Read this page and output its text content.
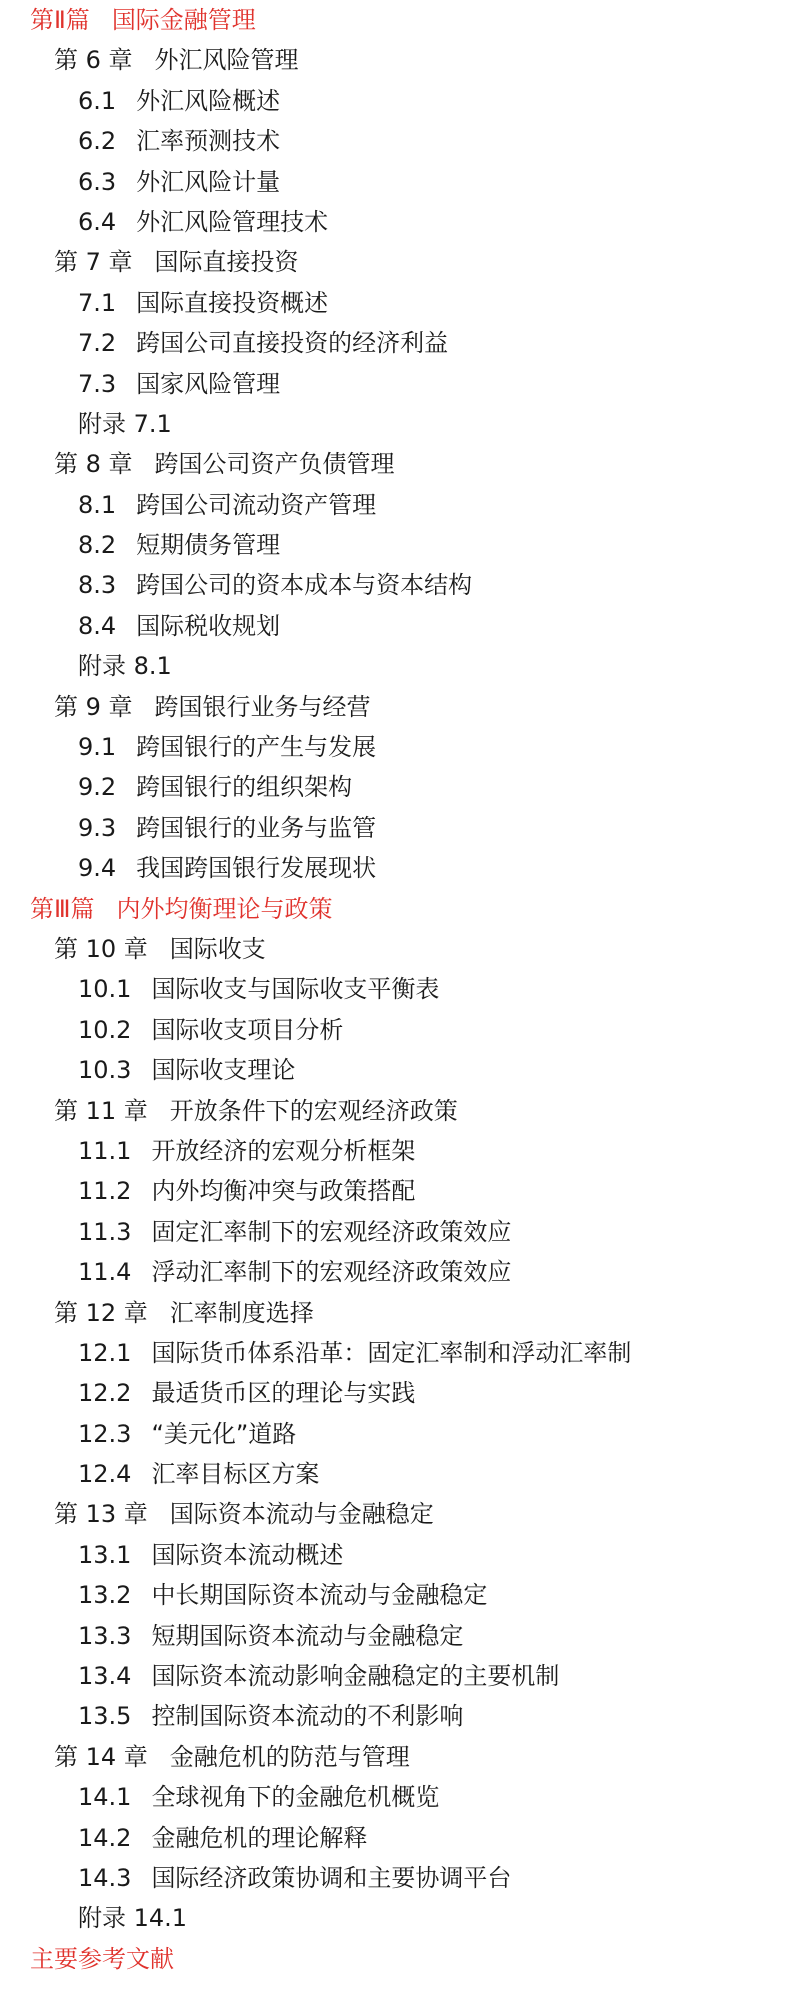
第Ⅱ篇 国际金融管理
第 6 章 外汇风险管理
6.1 外汇风险概述
6.2 汇率预测技术
6.3 外汇风险计量
6.4 外汇风险管理技术
第 7 章 国际直接投资
7.1 国际直接投资概述
7.2 跨国公司直接投资的经济利益
7.3 国家风险管理
附录 7.1
第 8 章 跨国公司资产负债管理
8.1 跨国公司流动资产管理
8.2 短期债务管理
8.3 跨国公司的资本成本与资本结构
8.4 国际税收规划
附录 8.1
第 9 章 跨国银行业务与经营
9.1 跨国银行的产生与发展
9.2 跨国银行的组织架构
9.3 跨国银行的业务与监管
9.4 我国跨国银行发展现状
第Ⅲ篇 内外均衡理论与政策
第 10 章 国际收支
10.1 国际收支与国际收支平衡表
10.2 国际收支项目分析
10.3 国际收支理论
第 11 章 开放条件下的宏观经济政策
11.1 开放经济的宏观分析框架
11.2 内外均衡冲突与政策搭配
11.3 固定汇率制下的宏观经济政策效应
11.4 浮动汇率制下的宏观经济政策效应
第 12 章 汇率制度选择
12.1 国际货币体系沿革：固定汇率制和浮动汇率制
12.2 最适货币区的理论与实践
12.3 “美元化”道路
12.4 汇率目标区方案
第 13 章 国际资本流动与金融稳定
13.1 国际资本流动概述
13.2 中长期国际资本流动与金融稳定
13.3 短期国际资本流动与金融稳定
13.4 国际资本流动影响金融稳定的主要机制
13.5 控制国际资本流动的不利影响
第 14 章 金融危机的防范与管理
14.1 全球视角下的金融危机概览
14.2 金融危机的理论解释
14.3 国际经济政策协调和主要协调平台
附录 14.1
主要参考文献
